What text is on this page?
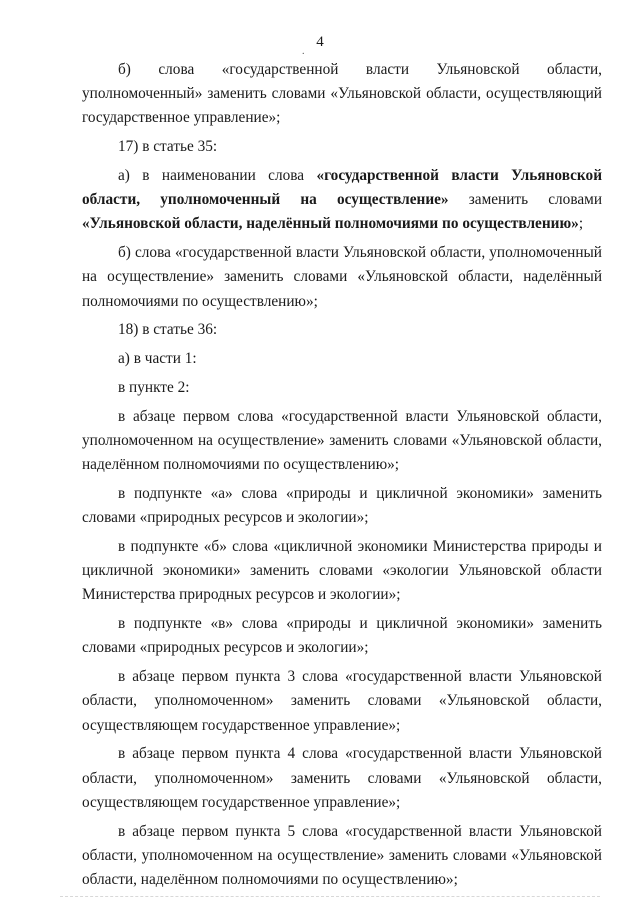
4
.

б) слова «государственной власти Ульяновской области, уполномоченный» заменить словами «Ульяновской области, осуществляющий государственное управление»;

17) в статье 35:

а) в наименовании слова «государственной власти Ульяновской области, уполномоченный на осуществление» заменить словами «Ульяновской области, наделённый полномочиями по осуществлению»;

б) слова «государственной власти Ульяновской области, уполномоченный на осуществление» заменить словами «Ульяновской области, наделённый полномочиями по осуществлению»;

18) в статье 36:

а) в части 1:

в пункте 2:

в абзаце первом слова «государственной власти Ульяновской области, уполномоченном на осуществление» заменить словами «Ульяновской области, наделённом полномочиями по осуществлению»;

в подпункте «а» слова «природы и цикличной экономики» заменить словами «природных ресурсов и экологии»;

в подпункте «б» слова «цикличной экономики Министерства природы и цикличной экономики» заменить словами «экологии Ульяновской области Министерства природных ресурсов и экологии»;

в подпункте «в» слова «природы и цикличной экономики» заменить словами «природных ресурсов и экологии»;

в абзаце первом пункта 3 слова «государственной власти Ульяновской области, уполномоченном» заменить словами «Ульяновской области, осуществляющем государственное управление»;

в абзаце первом пункта 4 слова «государственной власти Ульяновской области, уполномоченном» заменить словами «Ульяновской области, осуществляющем государственное управление»;

в абзаце первом пункта 5 слова «государственной власти Ульяновской области, уполномоченном на осуществление» заменить словами «Ульяновской области, наделённом полномочиями по осуществлению»;
